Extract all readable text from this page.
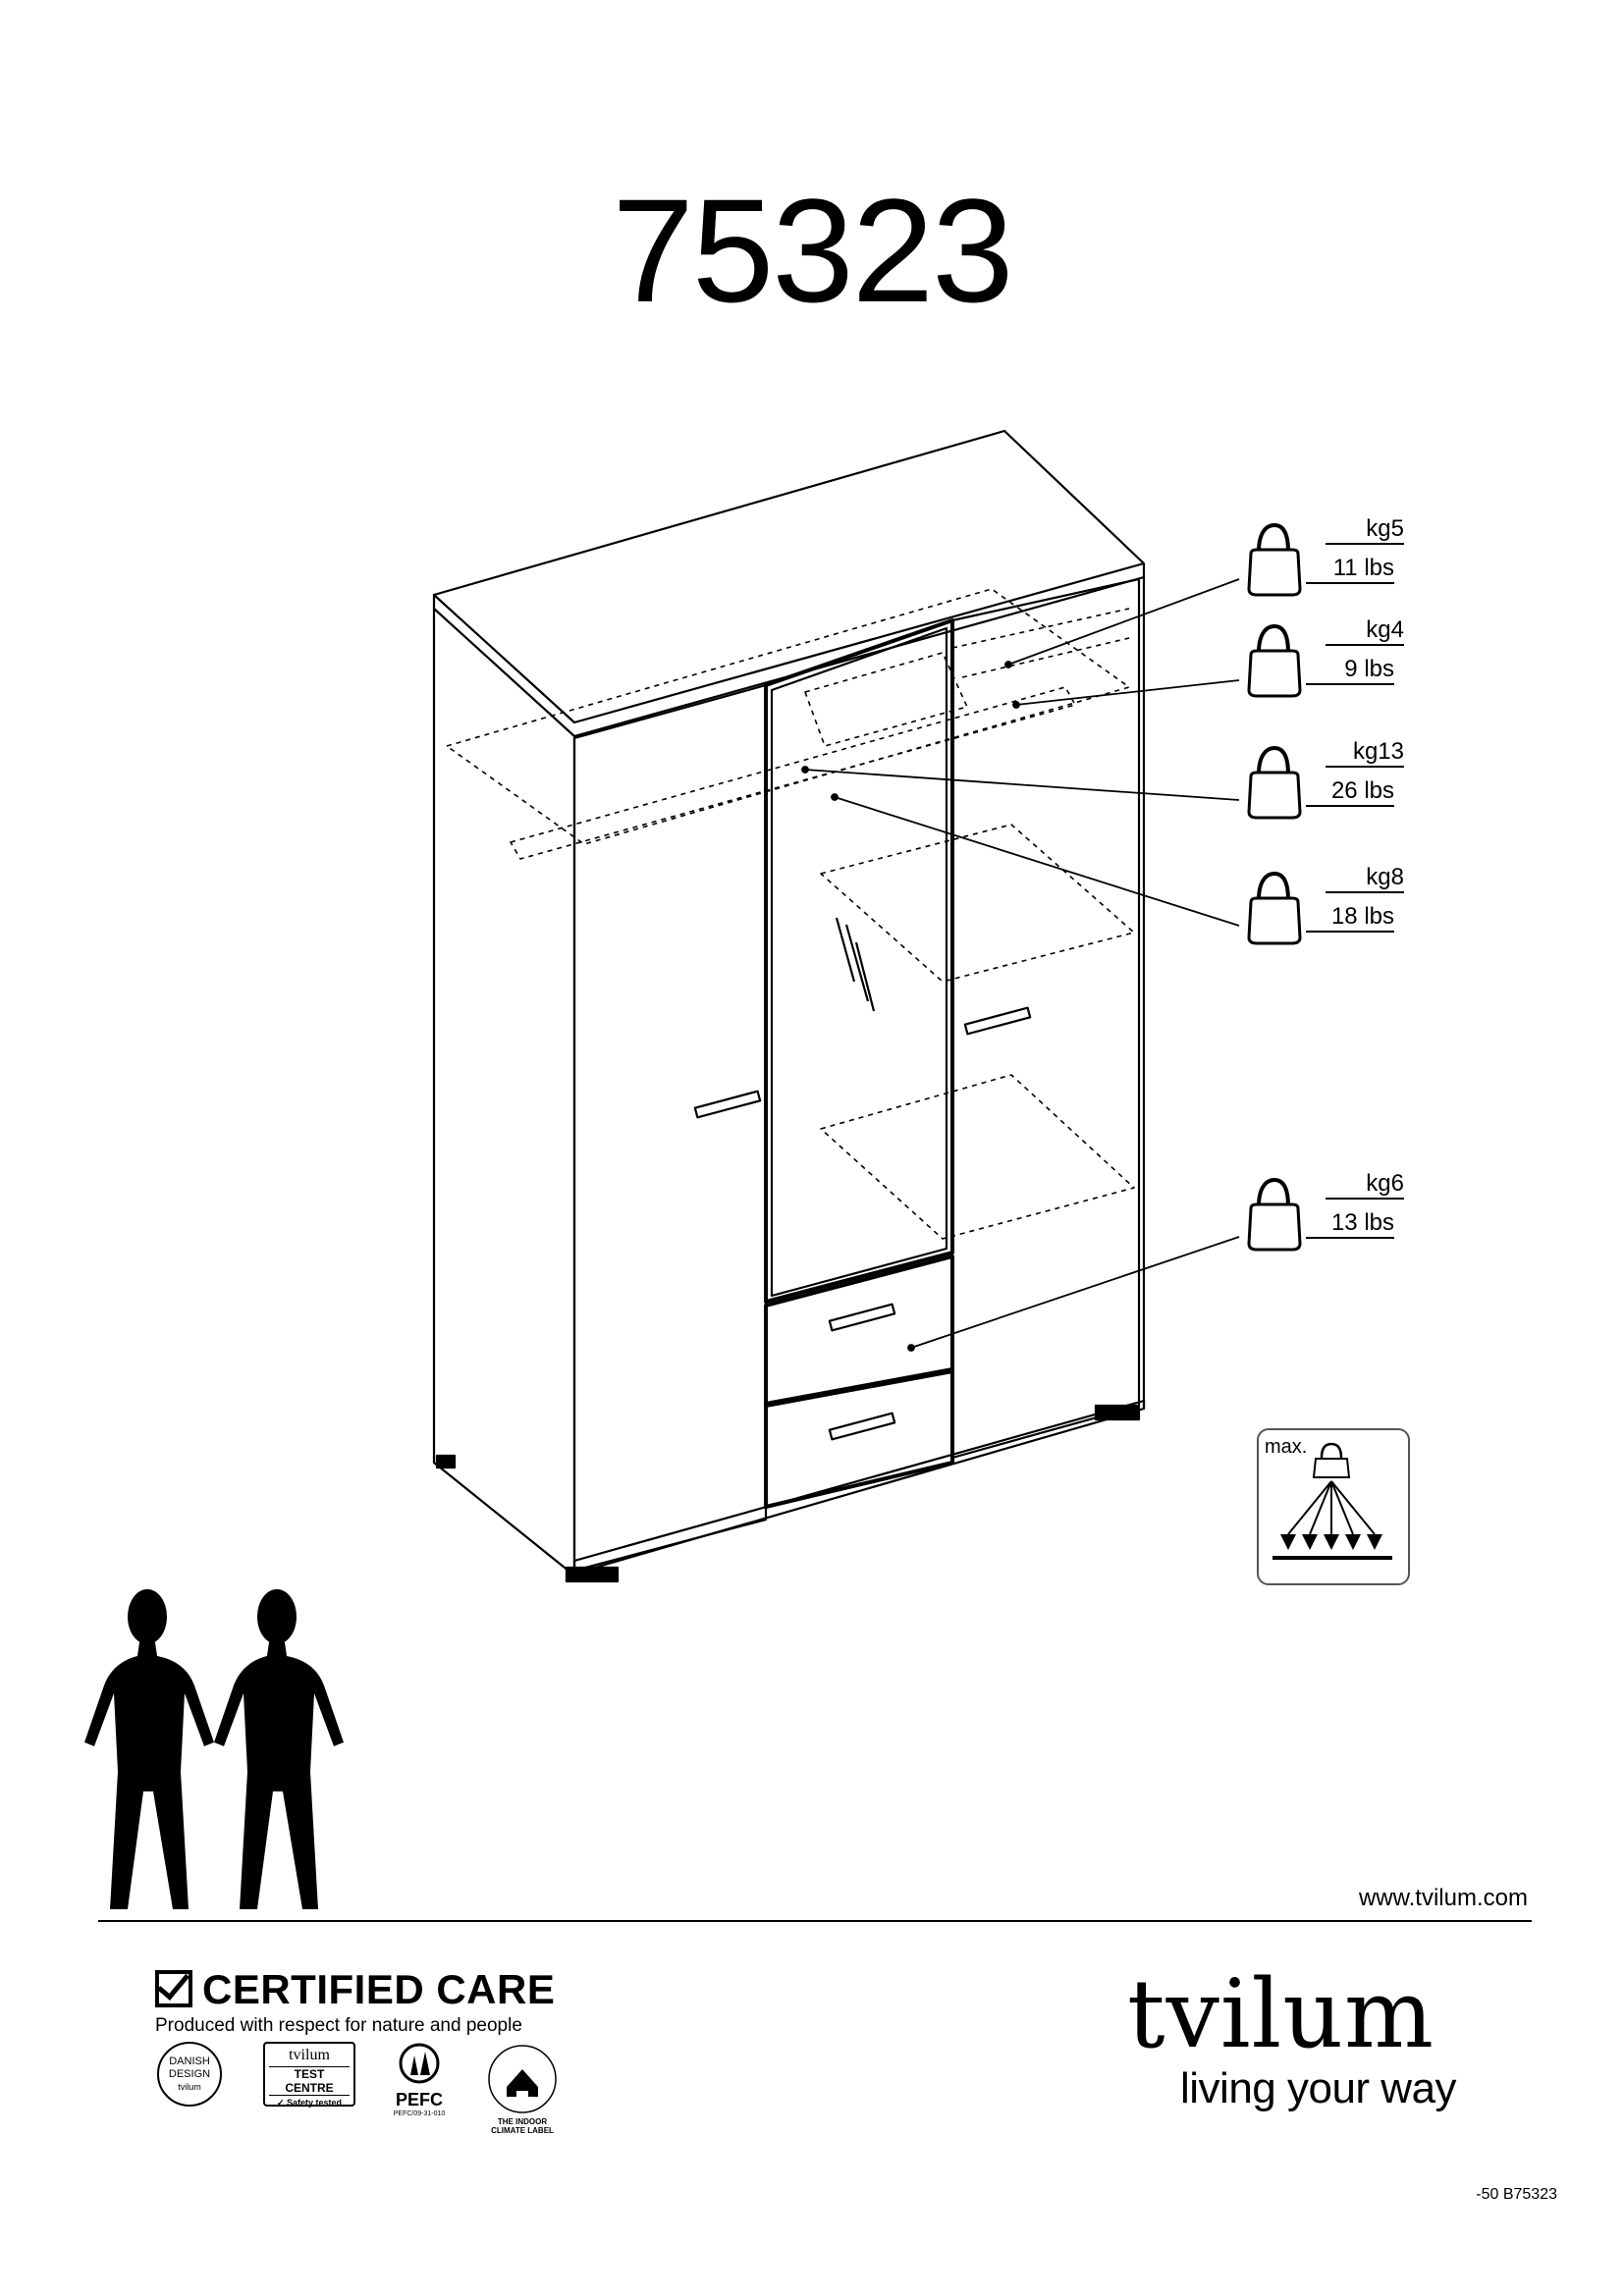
75323
kg5
11 lbs
kg4
9 lbs
kg13
26 lbs
kg8
18 lbs
kg6
13 lbs
max.
www.tvilum.com
CERTIFIED CARE
Produced with respect for nature and people
DANISH
DESIGN
tvilum
tvilum
TEST CENTRE
✓ Safety tested	PEFC
PEFC/09-31-010
THE INDOOR CLIMATE LABEL
tvilum
living your way
-50 B75323
